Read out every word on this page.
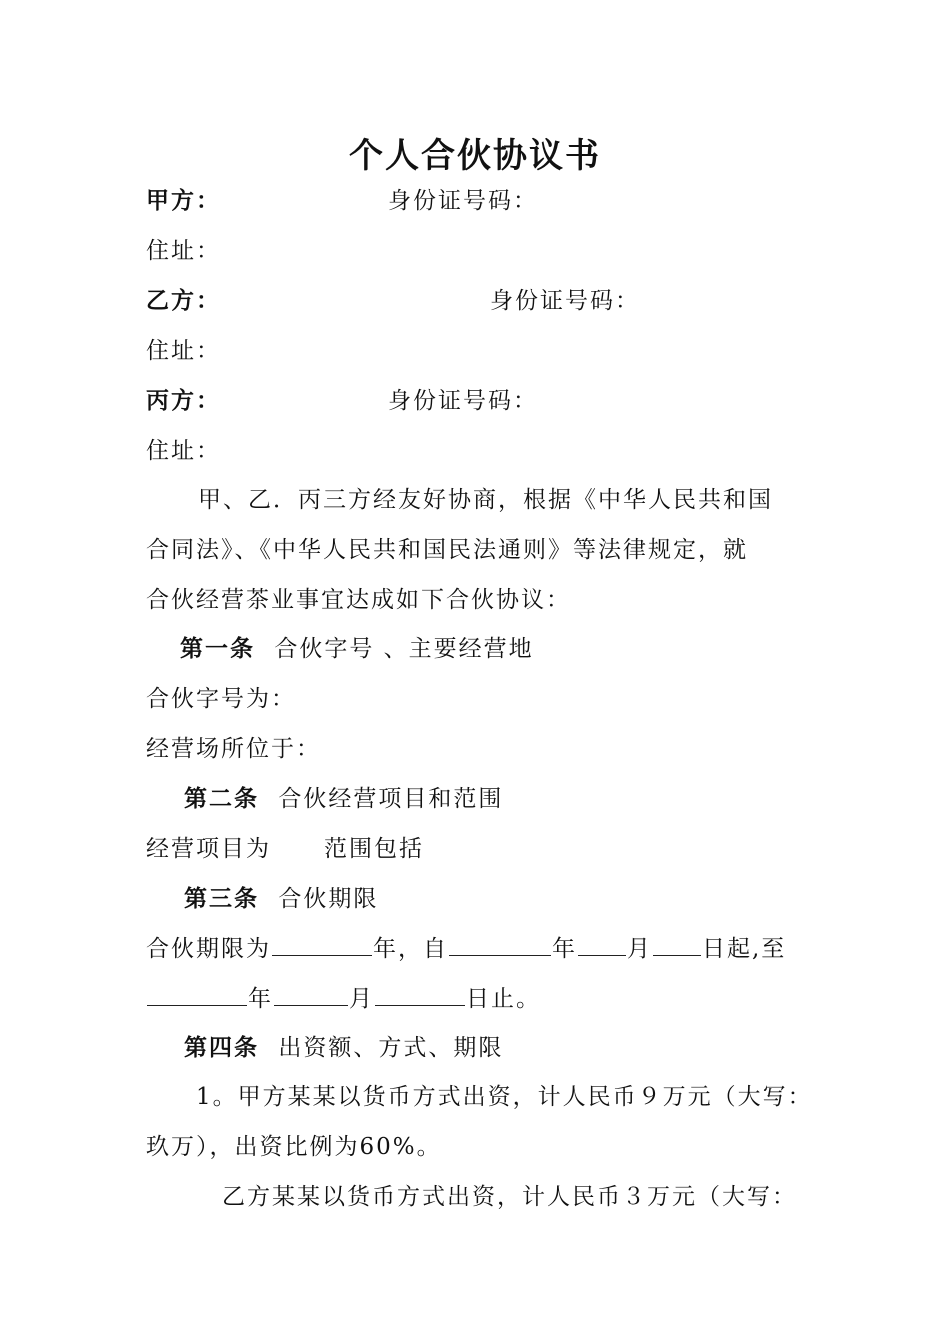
个人合伙协议书
甲方：	身份证号码：
住址：
乙方：	身份证号码：
住址：
丙方：	身份证号码：
住址：
甲、乙．丙三方经友好协商，根据《中华人民共和国
合同法》、《中华人民共和国民法通则》等法律规定，就
合伙经营茶业事宜达成如下合伙协议：
第一条 合伙字号 、主要经营地
合伙字号为：
经营场所位于：
第二条 合伙经营项目和范围
经营项目为 范围包括
第三条 合伙期限
合伙期限为	年，自	年 月 日起,至
年	月	日止。
第四条 出资额、方式、期限
1。甲方某某以货币方式出资，计人民币９万元（大写：
玖万），出资比例为60%。
乙方某某以货币方式出资，计人民币３万元（大写：
